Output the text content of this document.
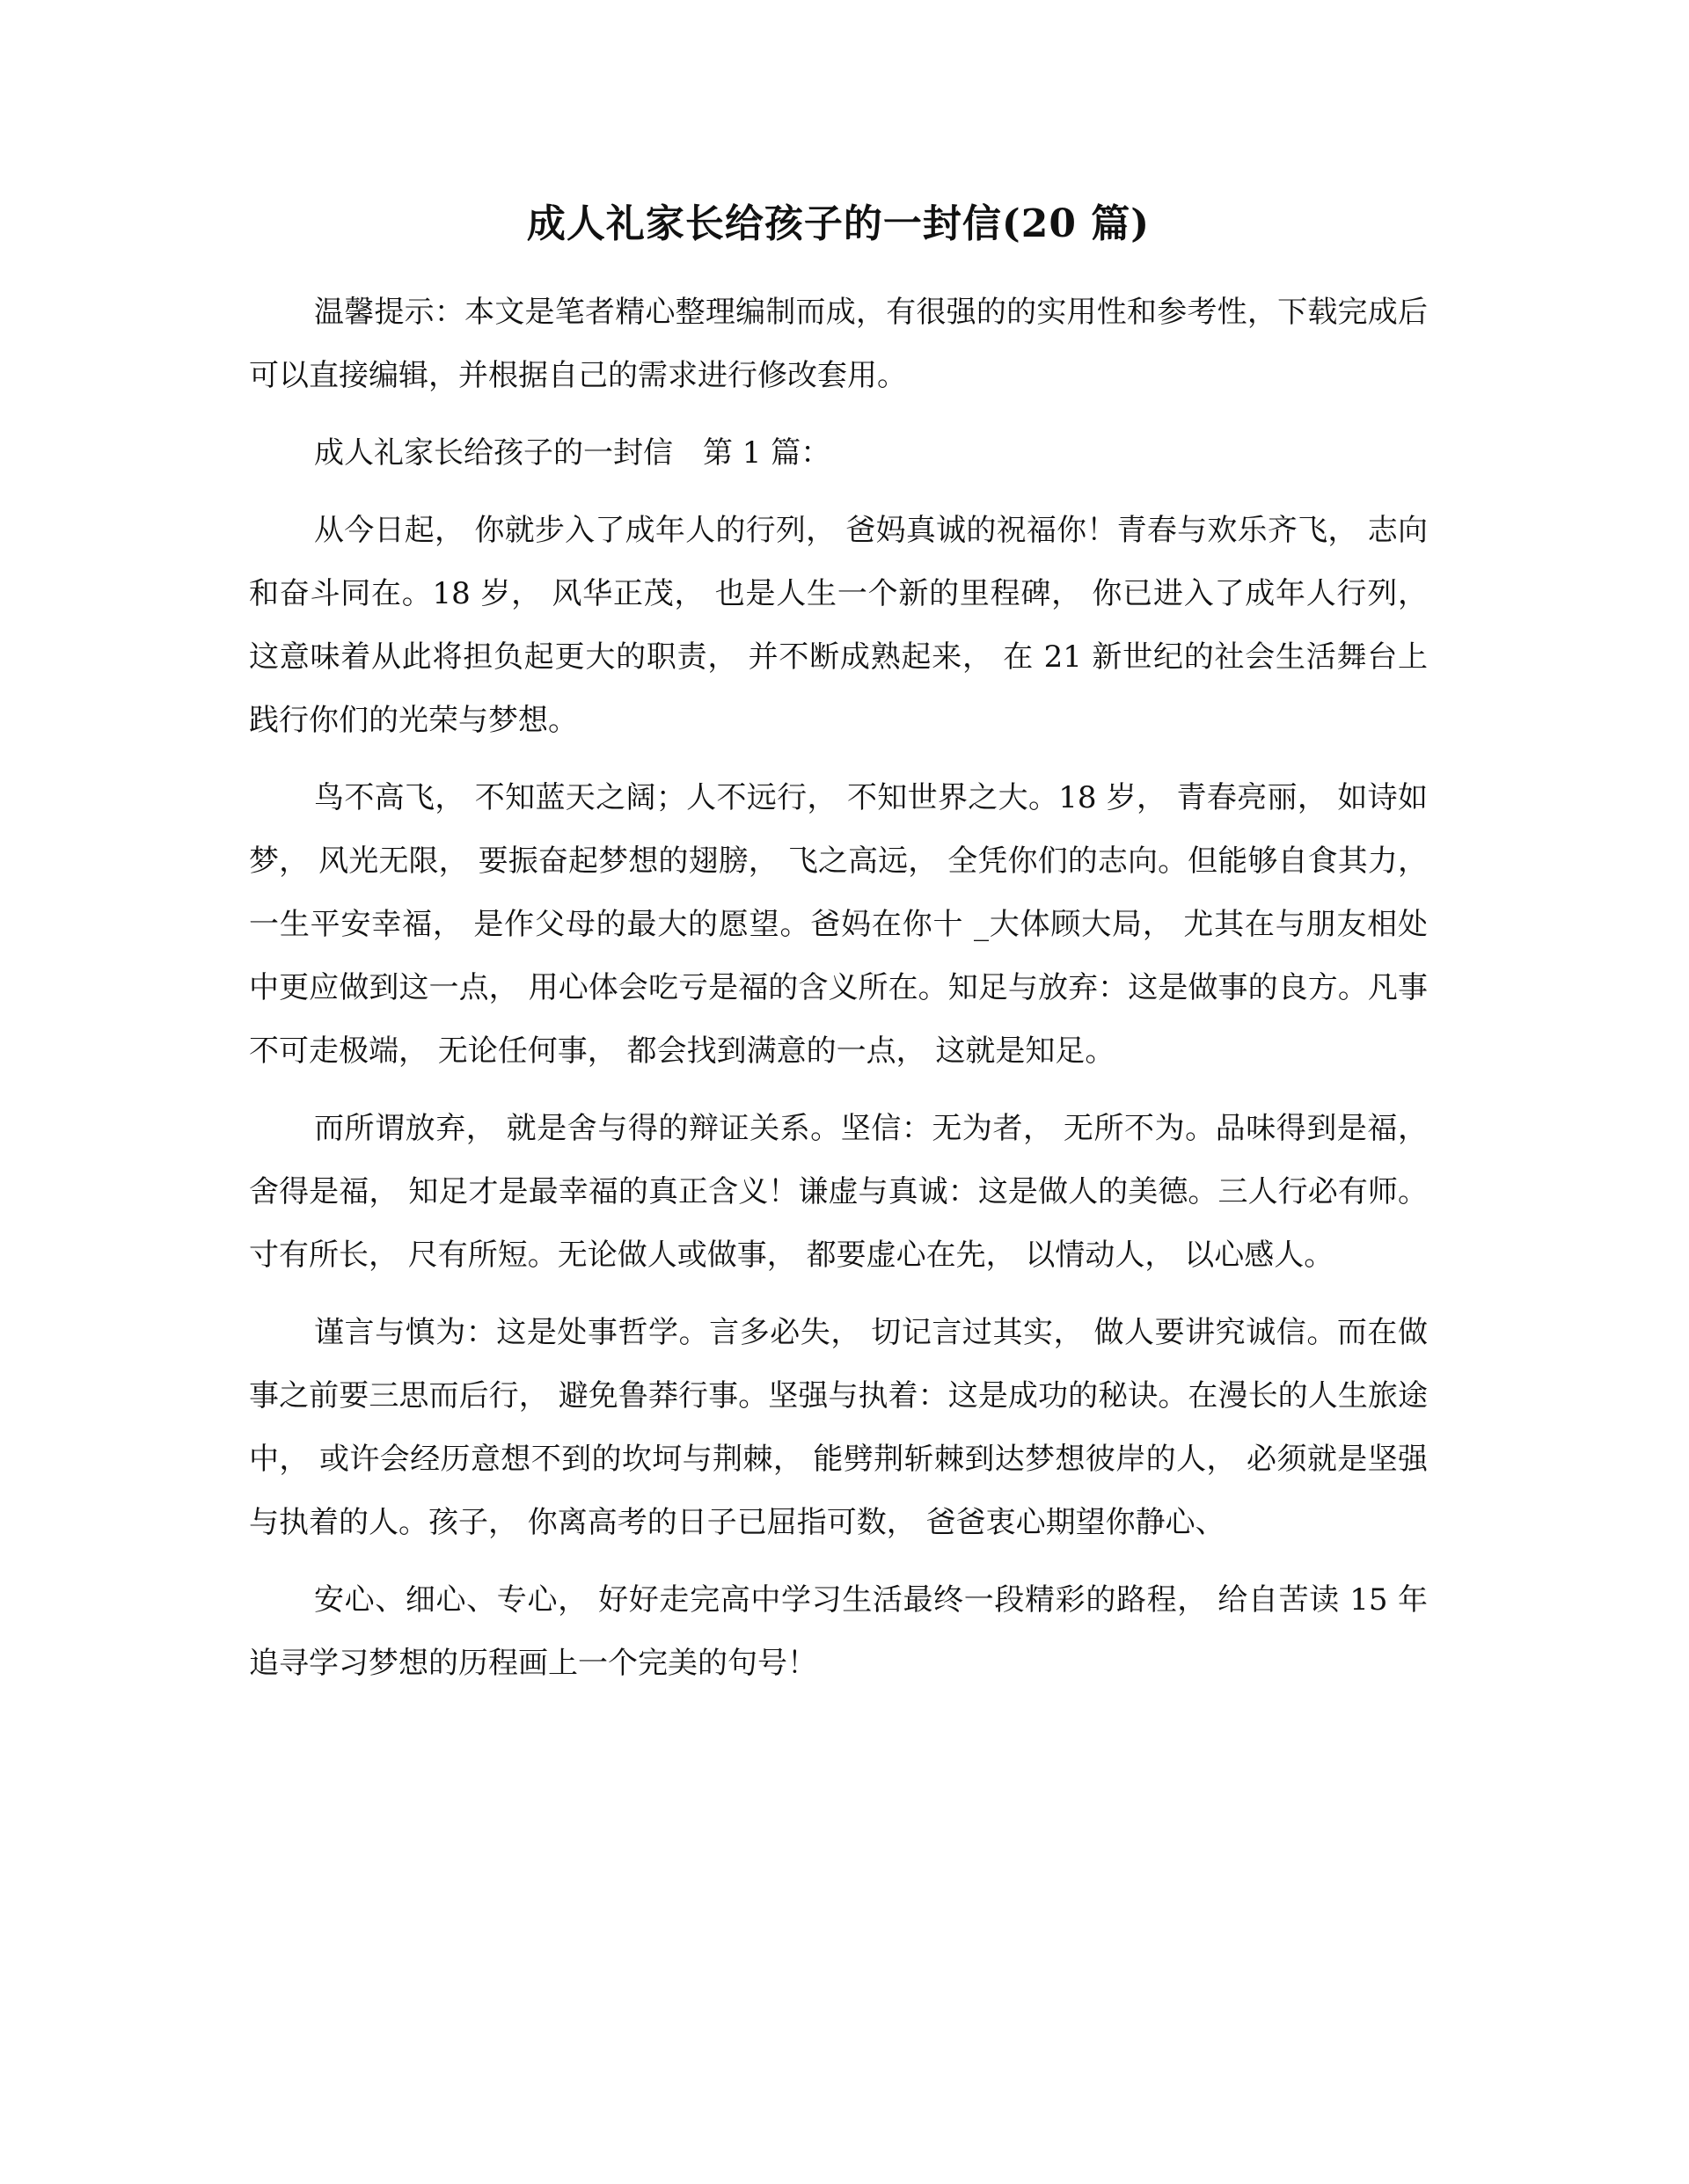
成人礼家长给孩子的一封信(20 篇)

温馨提示：本文是笔者精心整理编制而成，有很强的的实用性和参考性，下载完成后可以直接编辑，并根据自己的需求进行修改套用。

成人礼家长给孩子的一封信　第 1 篇：

从今日起， 你就步入了成年人的行列， 爸妈真诚的祝福你！青春与欢乐齐飞， 志向和奋斗同在。18 岁， 风华正茂， 也是人生一个新的里程碑， 你已进入了成年人行列， 这意味着从此将担负起更大的职责， 并不断成熟起来， 在 21 新世纪的社会生活舞台上践行你们的光荣与梦想。

鸟不高飞， 不知蓝天之阔；人不远行， 不知世界之大。18 岁， 青春亮丽， 如诗如梦， 风光无限， 要振奋起梦想的翅膀， 飞之高远， 全凭你们的志向。但能够自食其力， 一生平安幸福， 是作父母的最大的愿望。爸妈在你十 _大体顾大局， 尤其在与朋友相处中更应做到这一点， 用心体会吃亏是福的含义所在。知足与放弃：这是做事的良方。凡事不可走极端， 无论任何事， 都会找到满意的一点， 这就是知足。

而所谓放弃， 就是舍与得的辩证关系。坚信：无为者， 无所不为。品味得到是福， 舍得是福， 知足才是最幸福的真正含义！谦虚与真诚：这是做人的美德。三人行必有师。寸有所长， 尺有所短。无论做人或做事， 都要虚心在先， 以情动人， 以心感人。

谨言与慎为：这是处事哲学。言多必失， 切记言过其实， 做人要讲究诚信。而在做事之前要三思而后行， 避免鲁莽行事。坚强与执着：这是成功的秘诀。在漫长的人生旅途中， 或许会经历意想不到的坎坷与荆棘， 能劈荆斩棘到达梦想彼岸的人， 必须就是坚强与执着的人。孩子， 你离高考的日子已屈指可数， 爸爸衷心期望你静心、

安心、细心、专心， 好好走完高中学习生活最终一段精彩的路程， 给自苦读 15 年追寻学习梦想的历程画上一个完美的句号！
